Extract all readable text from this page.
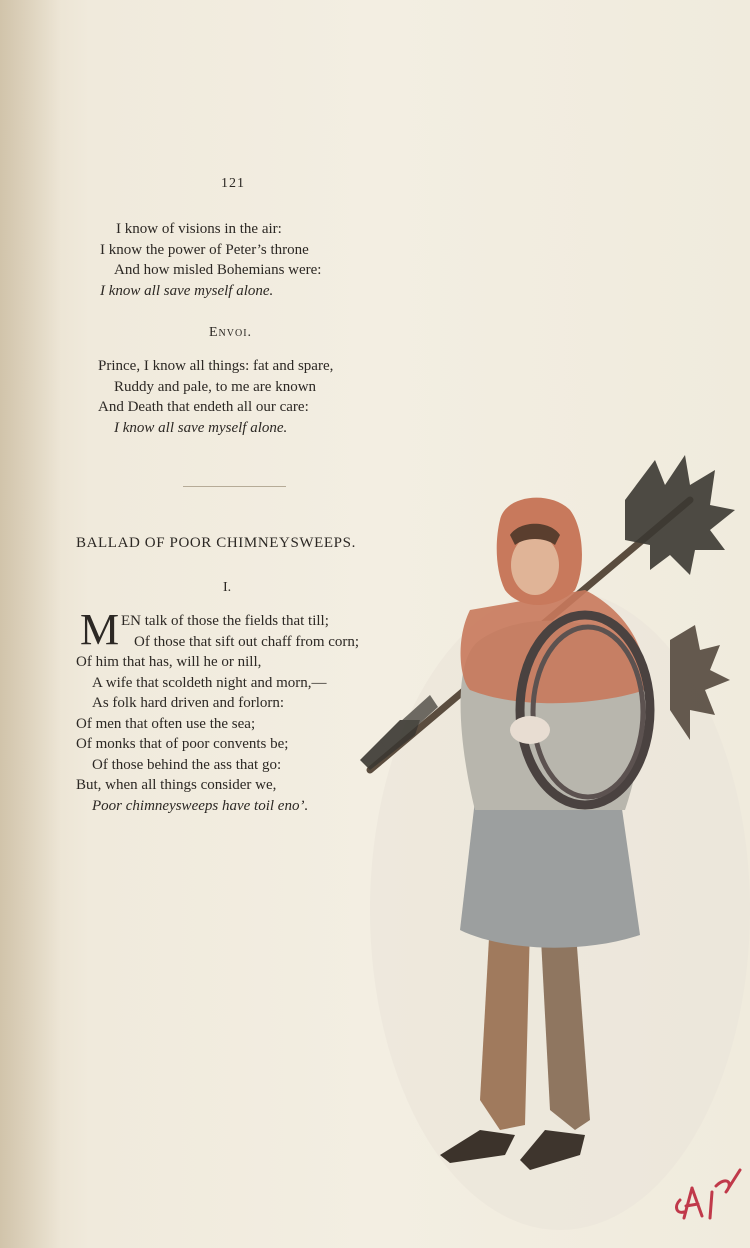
121
I know of visions in the air:
I know the power of Peter’s throne
And how misled Bohemians were:
I know all save myself alone.
Envoi.
Prince, I know all things: fat and spare,
Ruddy and pale, to me are known
And Death that endeth all our care:
I know all save myself alone.
BALLAD OF POOR CHIMNEYSWEEPS.
I.
M EN talk of those the fields that till;
Of those that sift out chaff from corn;
Of him that has, will he or nill,
A wife that scoldeth night and morn,—
As folk hard driven and forlorn:
Of men that often use the sea;
Of monks that of poor convents be;
Of those behind the ass that go:
But, when all things consider we,
Poor chimneysweeps have toil eno’.
